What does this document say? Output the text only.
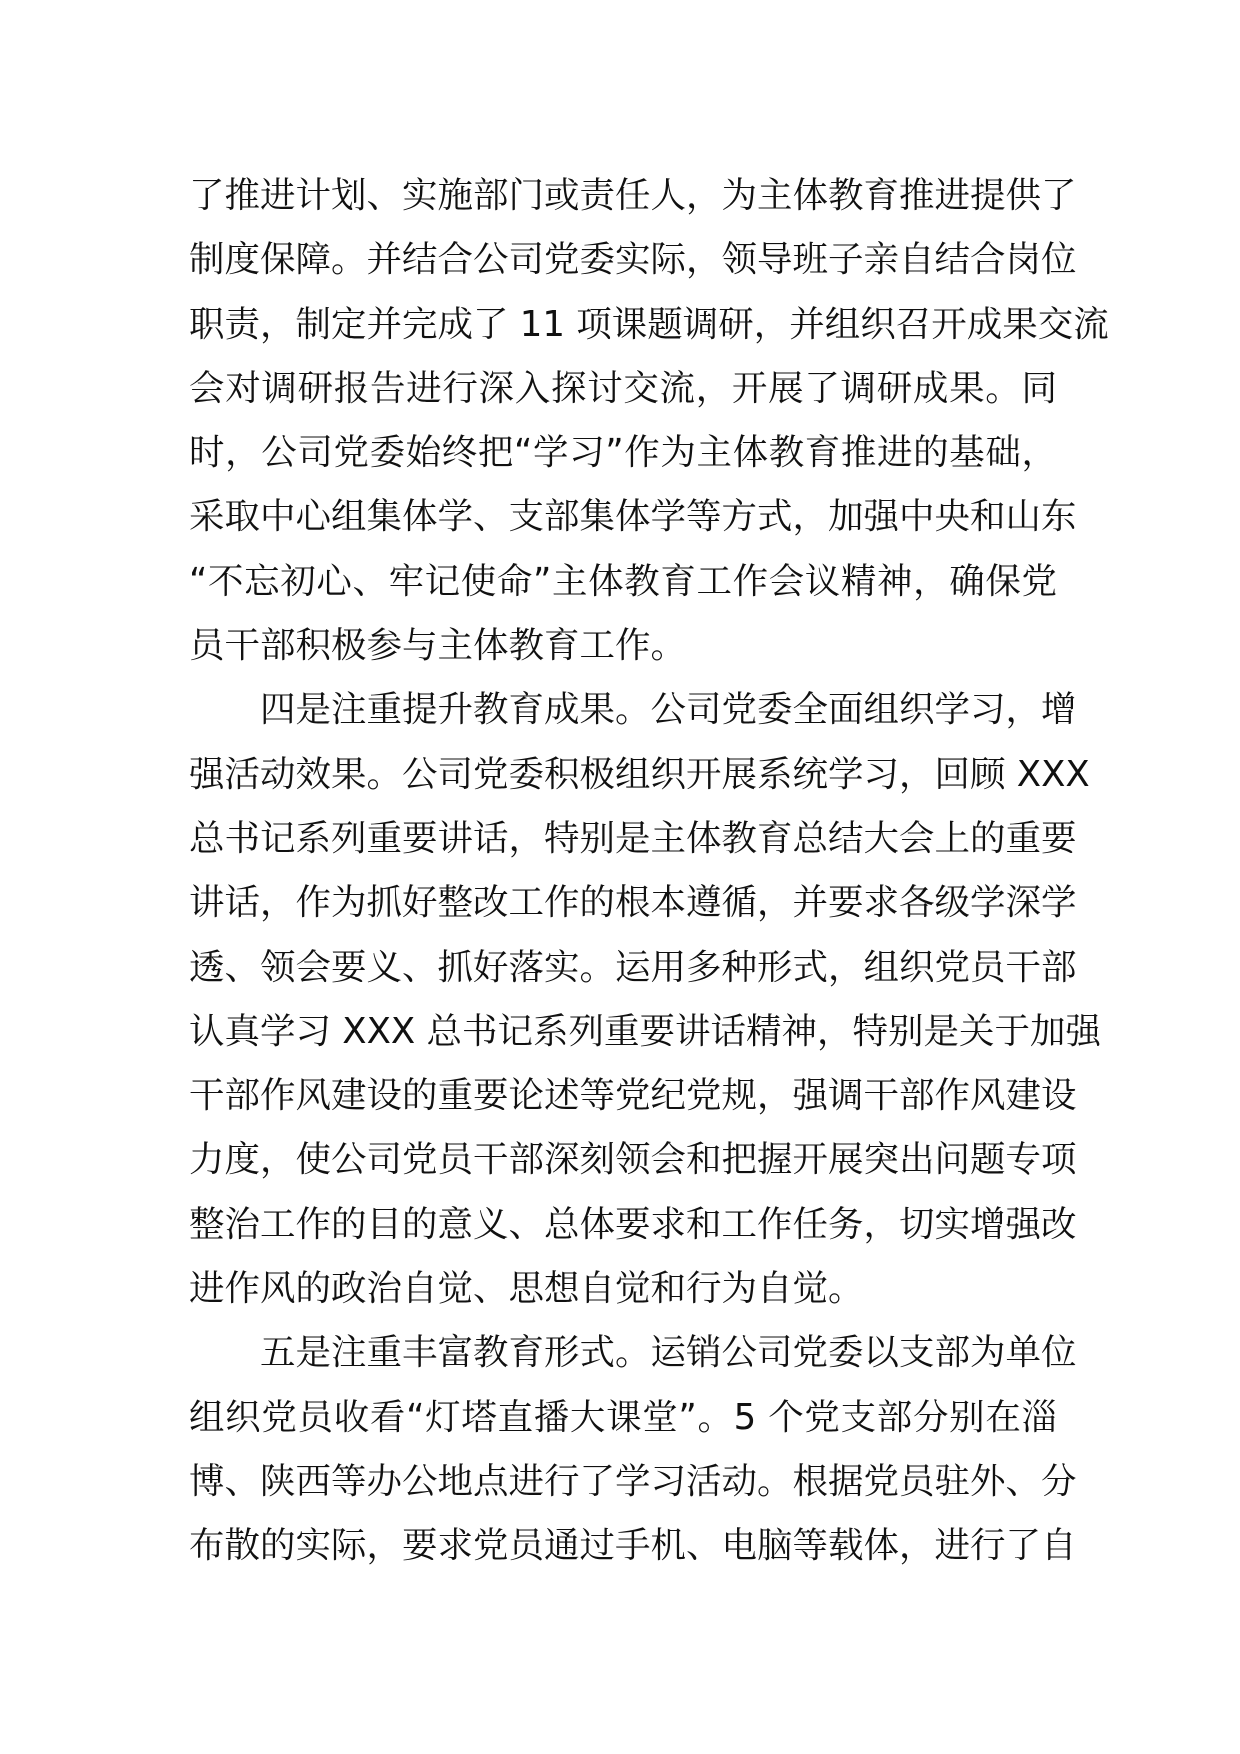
了推进计划、实施部门或责任人，为主体教育推进提供了
制度保障。并结合公司党委实际，领导班子亲自结合岗位
职责，制定并完成了 11 项课题调研，并组织召开成果交流
会对调研报告进行深入探讨交流，开展了调研成果。同
时，公司党委始终把“学习”作为主体教育推进的基础，
采取中心组集体学、支部集体学等方式，加强中央和山东
“不忘初心、牢记使命”主体教育工作会议精神，确保党
员干部积极参与主体教育工作。
四是注重提升教育成果。公司党委全面组织学习，增
强活动效果。公司党委积极组织开展系统学习，回顾 XXX
总书记系列重要讲话，特别是主体教育总结大会上的重要
讲话，作为抓好整改工作的根本遵循，并要求各级学深学
透、领会要义、抓好落实。运用多种形式，组织党员干部
认真学习 XXX 总书记系列重要讲话精神，特别是关于加强
干部作风建设的重要论述等党纪党规，强调干部作风建设
力度，使公司党员干部深刻领会和把握开展突出问题专项
整治工作的目的意义、总体要求和工作任务，切实增强改
进作风的政治自觉、思想自觉和行为自觉。
五是注重丰富教育形式。运销公司党委以支部为单位
组织党员收看“灯塔直播大课堂”。5 个党支部分别在淄
博、陕西等办公地点进行了学习活动。根据党员驻外、分
布散的实际，要求党员通过手机、电脑等载体，进行了自
